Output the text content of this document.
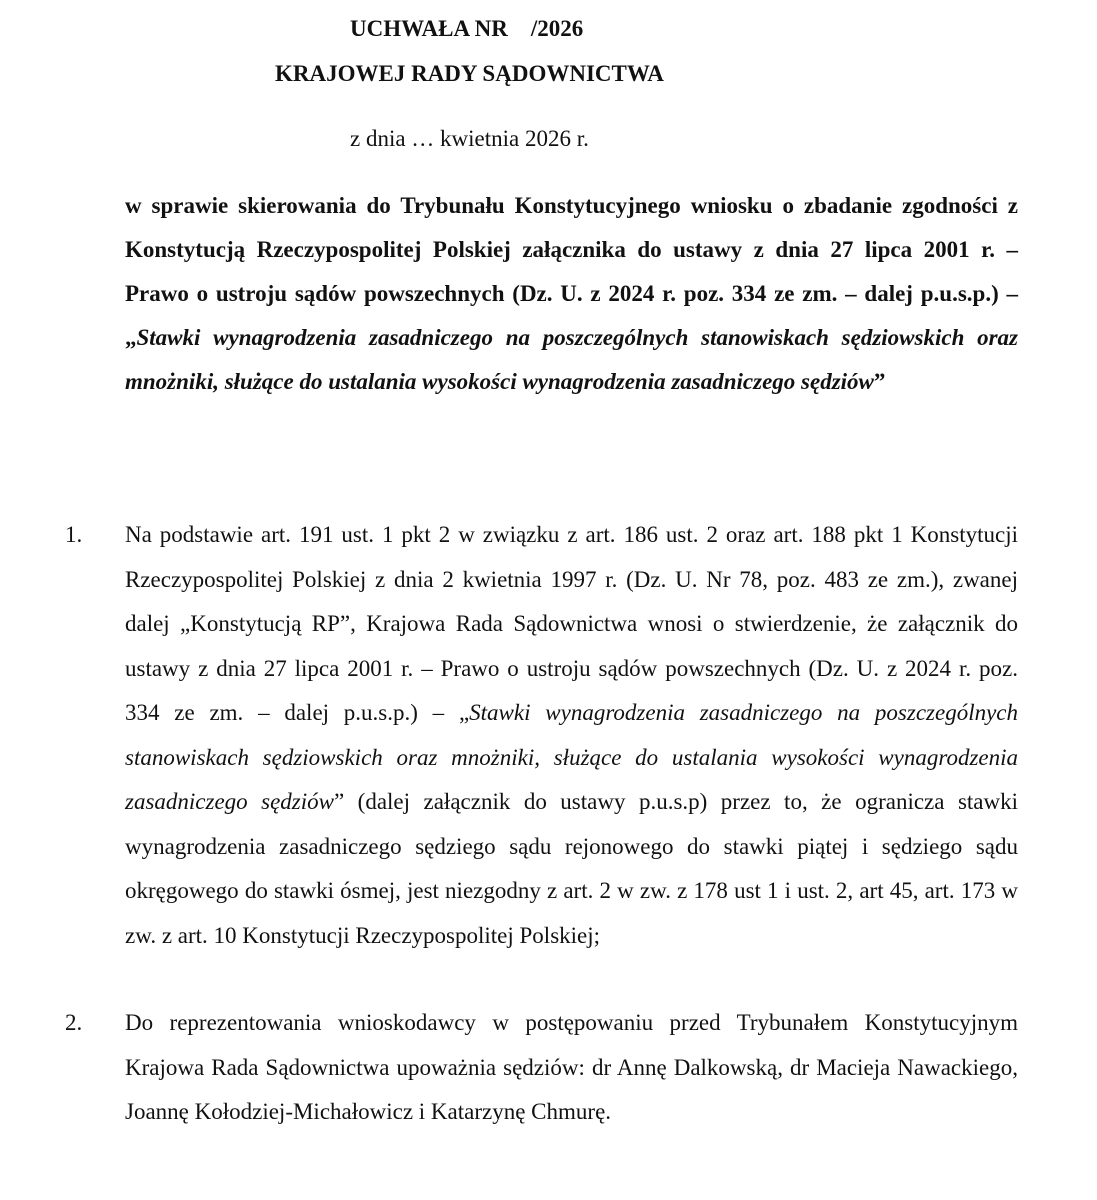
UCHWAŁA NR    /2026

KRAJOWEJ RADY SĄDOWNICTWA

z dnia … kwietnia 2026 r.

w sprawie skierowania do Trybunału Konstytucyjnego wniosku o zbadanie zgodności z Konstytucją Rzeczypospolitej Polskiej załącznika do ustawy z dnia 27 lipca 2001 r. – Prawo o ustroju sądów powszechnych (Dz. U. z 2024 r. poz. 334 ze zm. – dalej p.u.s.p.) – „Stawki wynagrodzenia zasadniczego na poszczególnych stanowiskach sędziowskich oraz mnożniki, służące do ustalania wysokości wynagrodzenia zasadniczego sędziów”

1. Na podstawie art. 191 ust. 1 pkt 2 w związku z art. 186 ust. 2 oraz art. 188 pkt 1 Konstytucji Rzeczypospolitej Polskiej z dnia 2 kwietnia 1997 r. (Dz. U. Nr 78, poz. 483 ze zm.), zwanej dalej „Konstytucją RP”, Krajowa Rada Sądownictwa wnosi o stwierdzenie, że załącznik do ustawy z dnia 27 lipca 2001 r. – Prawo o ustroju sądów powszechnych (Dz. U. z 2024 r. poz. 334 ze zm. – dalej p.u.s.p.) – „Stawki wynagrodzenia zasadniczego na poszczególnych stanowiskach sędziowskich oraz mnożniki, służące do ustalania wysokości wynagrodzenia zasadniczego sędziów” (dalej załącznik do ustawy p.u.s.p) przez to, że ogranicza stawki wynagrodzenia zasadniczego sędziego sądu rejonowego do stawki piątej i sędziego sądu okręgowego do stawki ósmej, jest niezgodny z art. 2 w zw. z 178 ust 1 i ust. 2, art 45, art. 173 w zw. z art. 10 Konstytucji Rzeczypospolitej Polskiej;

2. Do reprezentowania wnioskodawcy w postępowaniu przed Trybunałem Konstytucyjnym Krajowa Rada Sądownictwa upoważnia sędziów: dr Annę Dalkowską, dr Macieja Nawackiego, Joannę Kołodziej-Michałowicz i Katarzynę Chmurę.
